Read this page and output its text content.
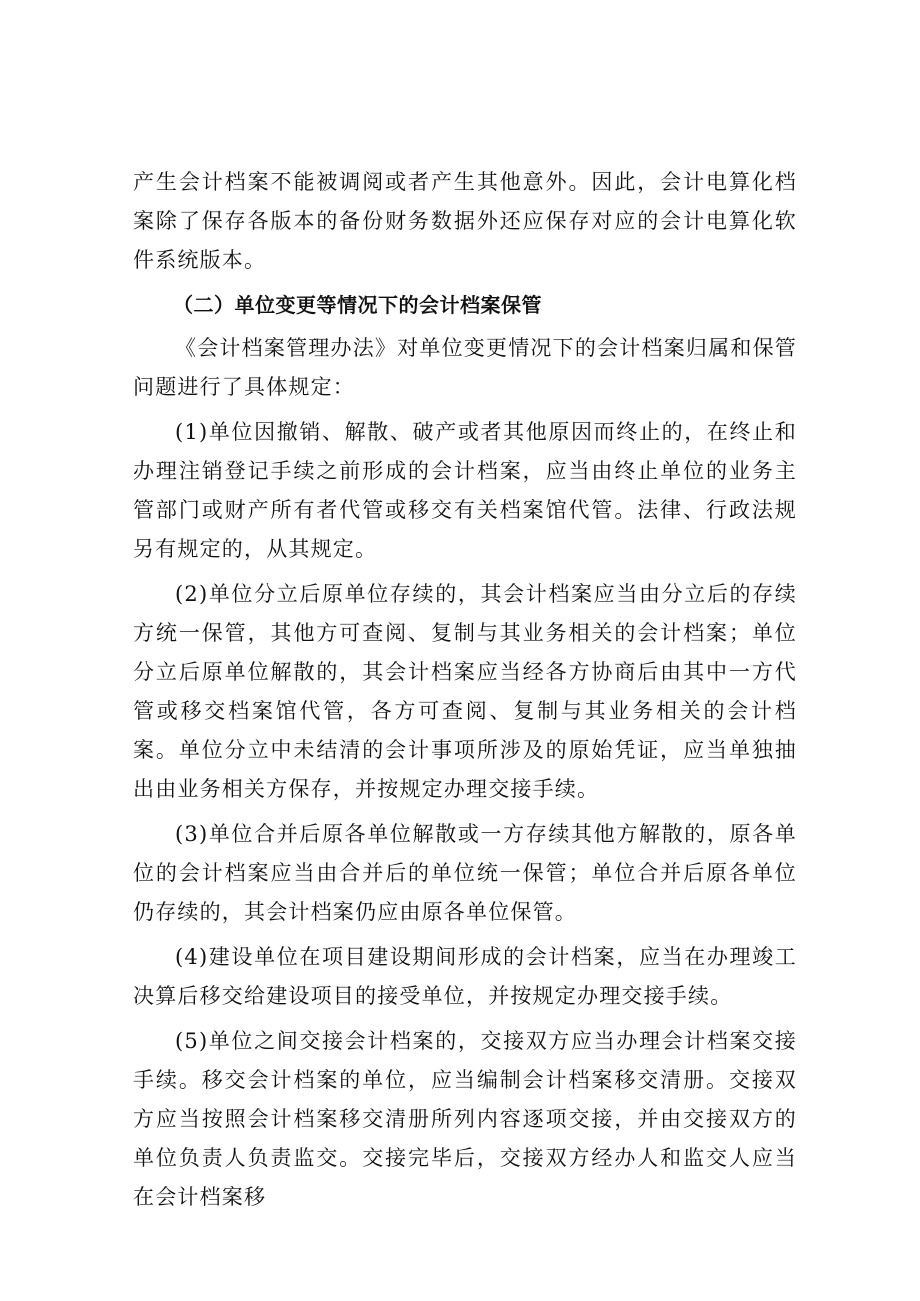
产生会计档案不能被调阅或者产生其他意外。因此，会计电算化档案除了保存各版本的备份财务数据外还应保存对应的会计电算化软件系统版本。

（二）单位变更等情况下的会计档案保管

《会计档案管理办法》对单位变更情况下的会计档案归属和保管问题进行了具体规定：

(1)单位因撤销、解散、破产或者其他原因而终止的，在终止和办理注销登记手续之前形成的会计档案，应当由终止单位的业务主管部门或财产所有者代管或移交有关档案馆代管。法律、行政法规另有规定的，从其规定。

(2)单位分立后原单位存续的，其会计档案应当由分立后的存续方统一保管，其他方可查阅、复制与其业务相关的会计档案；单位分立后原单位解散的，其会计档案应当经各方协商后由其中一方代管或移交档案馆代管，各方可查阅、复制与其业务相关的会计档案。单位分立中未结清的会计事项所涉及的原始凭证，应当单独抽出由业务相关方保存，并按规定办理交接手续。

(3)单位合并后原各单位解散或一方存续其他方解散的，原各单位的会计档案应当由合并后的单位统一保管；单位合并后原各单位仍存续的，其会计档案仍应由原各单位保管。

(4)建设单位在项目建设期间形成的会计档案，应当在办理竣工决算后移交给建设项目的接受单位，并按规定办理交接手续。

(5)单位之间交接会计档案的，交接双方应当办理会计档案交接手续。移交会计档案的单位，应当编制会计档案移交清册。交接双方应当按照会计档案移交清册所列内容逐项交接，并由交接双方的单位负责人负责监交。交接完毕后，交接双方经办人和监交人应当在会计档案移
